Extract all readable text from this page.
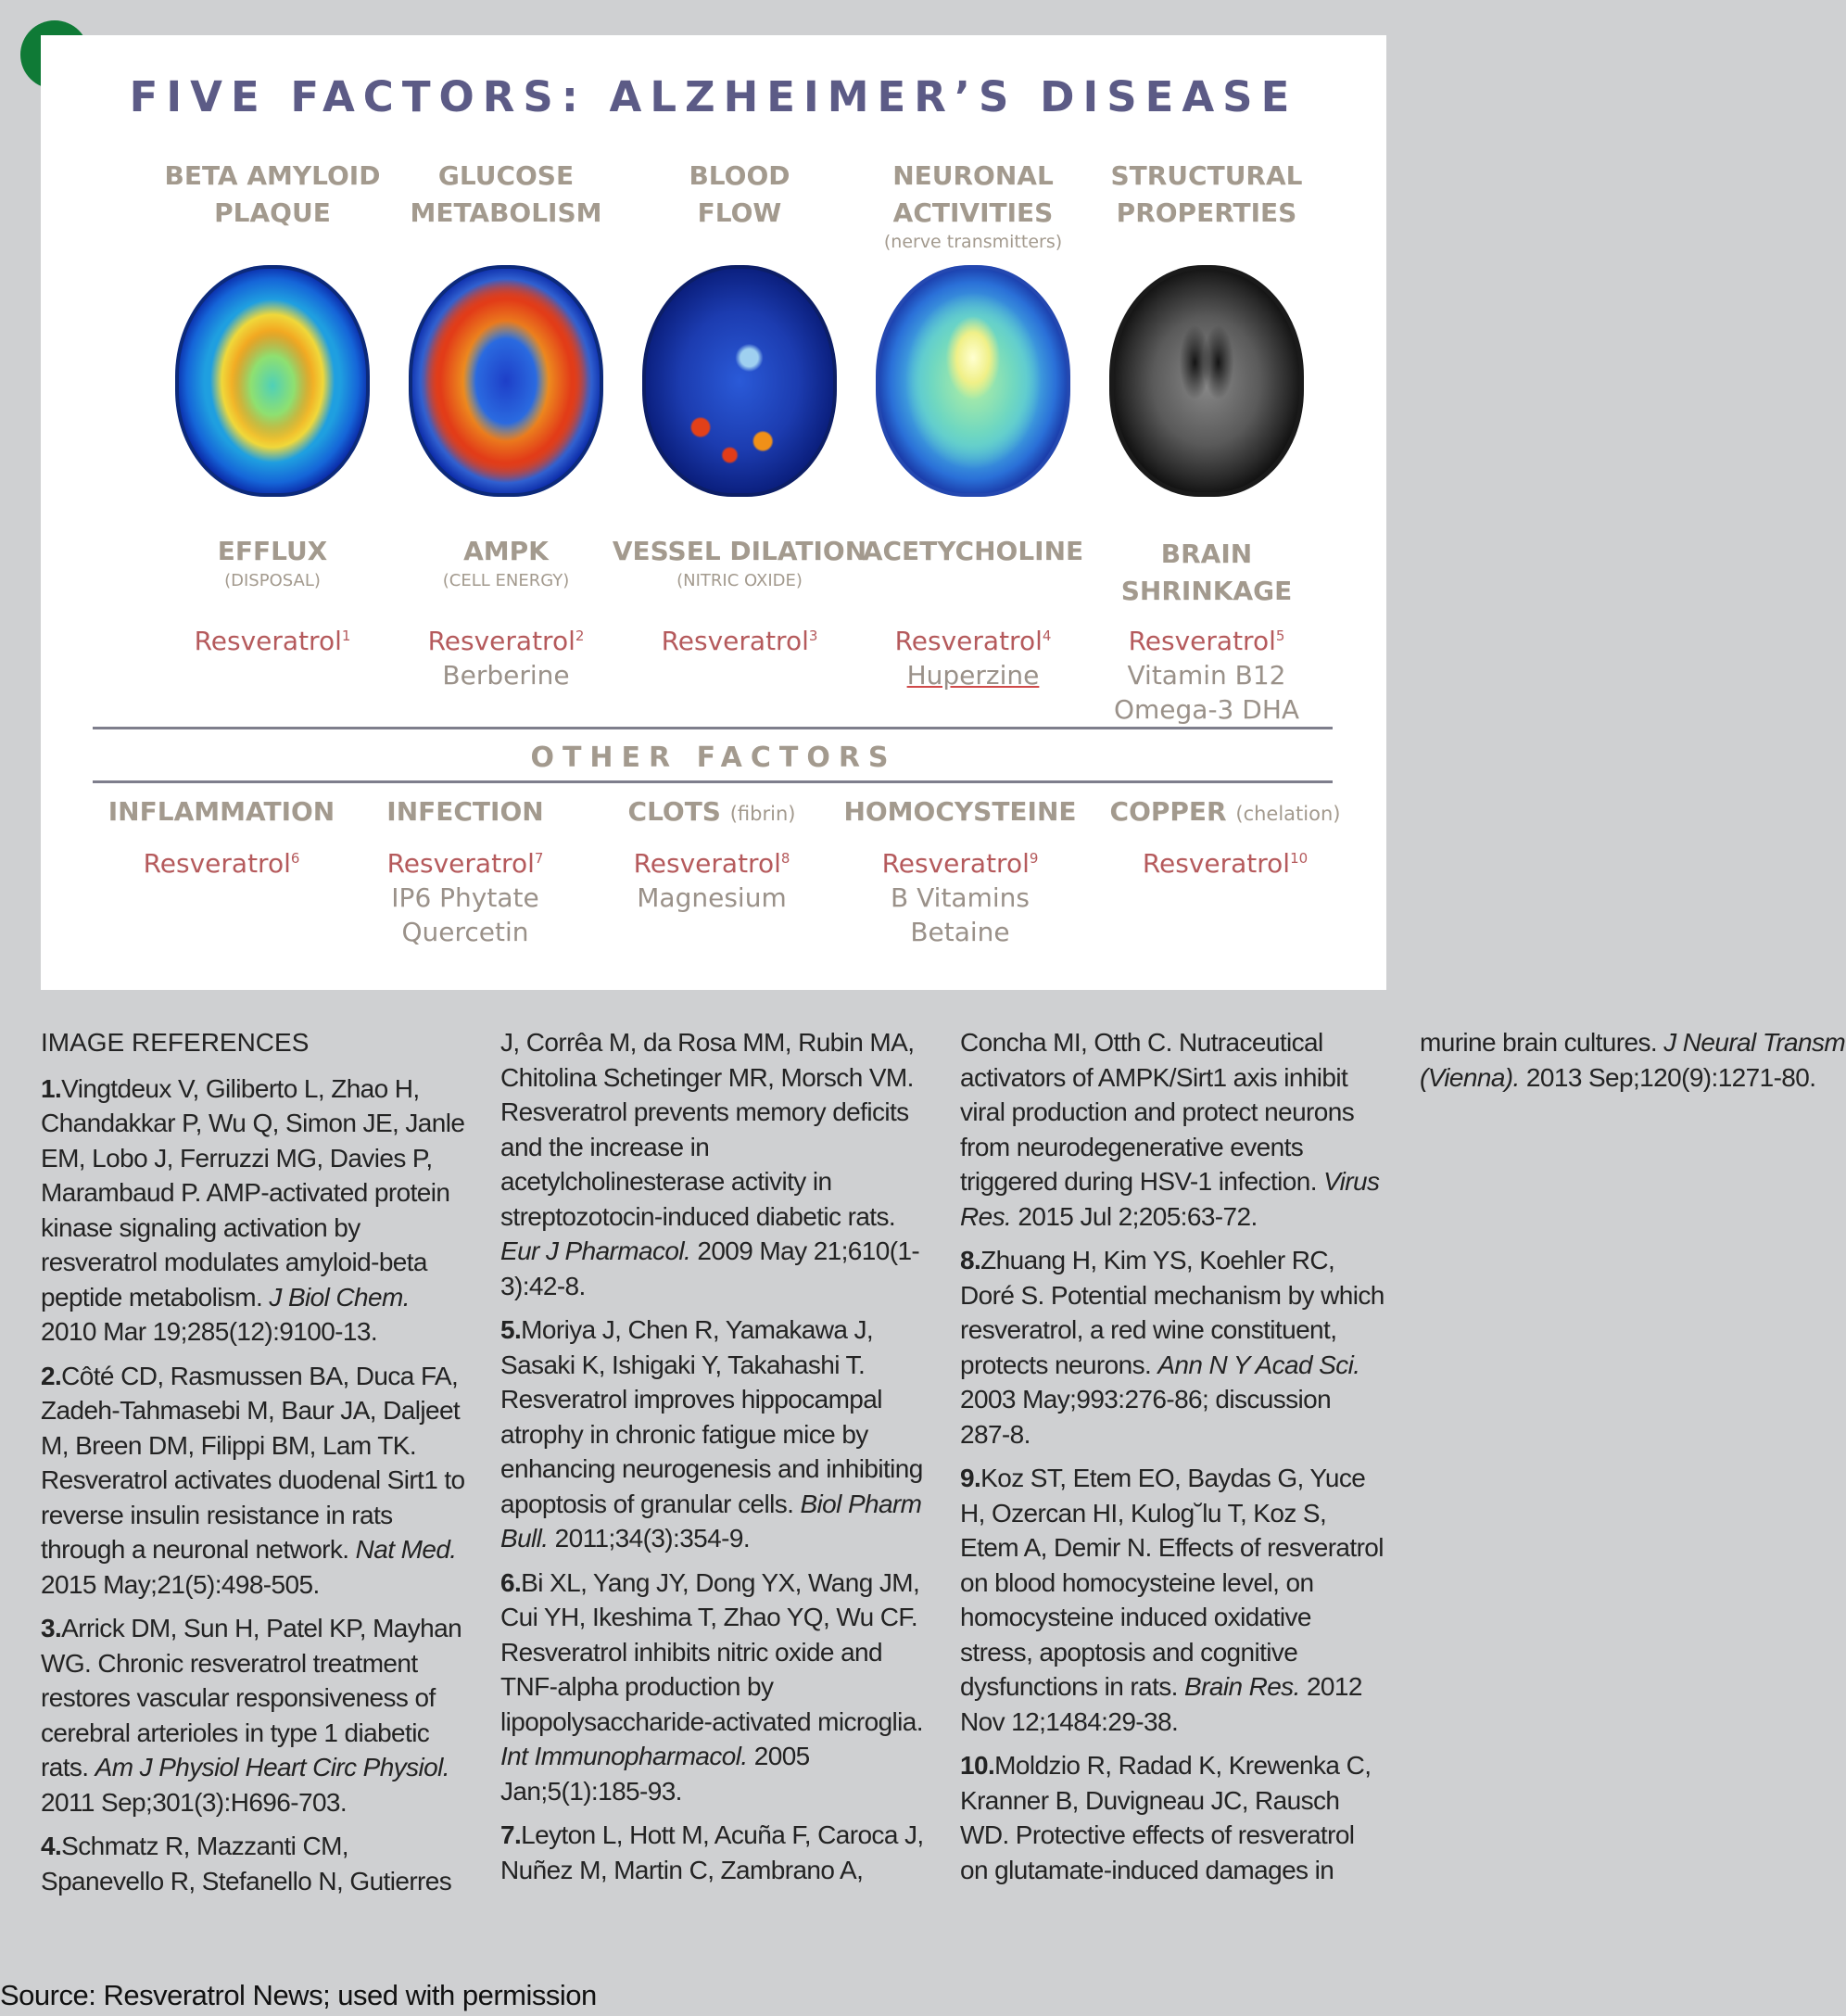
FIVE FACTORS: ALZHEIMER’S DISEASE
BETA AMYLOID
PLAQUE
EFFLUX
(DISPOSAL)
Resveratrol$^1$
GLUCOSE
METABOLISM
AMPK
(CELL ENERGY)
Resveratrol$^2$
Berberine
BLOOD
FLOW
VESSEL DILATION
(NITRIC OXIDE)
Resveratrol$^3$
NEURONAL
ACTIVITIES
(nerve transmitters)
ACETYCHOLINE
Resveratrol$^4$
Huperzine
STRUCTURAL
PROPERTIES
BRAIN
SHRINKAGE
Resveratrol$^5$
Vitamin B12
Omega-3 DHA
OTHER FACTORS
INFLAMMATION
Resveratrol$^6$
INFECTION
Resveratrol$^7$
IP6 Phytate
Quercetin
CLOTS (fibrin)
Resveratrol$^8$
Magnesium
HOMOCYSTEINE
Resveratrol$^9$
B Vitamins
Betaine
COPPER (chelation)
Resveratrol$^{10}$

IMAGE REFERENCES

1.Vingtdeux V, Giliberto L, Zhao H, Chandakkar P, Wu Q, Simon JE, Janle EM, Lobo J, Ferruzzi MG, Davies P, Marambaud P. AMP-activated protein kinase signaling activation by resveratrol modulates amyloid-beta peptide metabolism. J Biol Chem. 2010 Mar 19;285(12):9100-13.

2.Côté CD, Rasmussen BA, Duca FA, Zadeh-Tahmasebi M, Baur JA, Daljeet M, Breen DM, Filippi BM, Lam TK. Resveratrol activates duodenal Sirt1 to reverse insulin resistance in rats through a neuronal network. Nat Med. 2015 May;21(5):498-505.

3.Arrick DM, Sun H, Patel KP, Mayhan WG. Chronic resveratrol treatment restores vascular responsiveness of cerebral arterioles in type 1 diabetic rats. Am J Physiol Heart Circ Physiol. 2011 Sep;301(3):H696-703.

4.Schmatz R, Mazzanti CM, Spanevello R, Stefanello N, Gutierres J, Corrêa M, da Rosa MM, Rubin MA, Chitolina Schetinger MR, Morsch VM. Resveratrol prevents memory deficits and the increase in acetylcholinesterase activity in streptozotocin-induced diabetic rats. Eur J Pharmacol. 2009 May 21;610(1-3):42-8.

5.Moriya J, Chen R, Yamakawa J, Sasaki K, Ishigaki Y, Takahashi T. Resveratrol improves hippocampal atrophy in chronic fatigue mice by enhancing neurogenesis and inhibiting apoptosis of granular cells. Biol Pharm Bull. 2011;34(3):354-9.

6.Bi XL, Yang JY, Dong YX, Wang JM, Cui YH, Ikeshima T, Zhao YQ, Wu CF. Resveratrol inhibits nitric oxide and TNF-alpha production by lipopolysaccharide-activated microglia. Int Immunopharmacol. 2005 Jan;5(1):185-93.

7.Leyton L, Hott M, Acuña F, Caroca J, Nuñez M, Martin C, Zambrano A, Concha MI, Otth C. Nutraceutical activators of AMPK/Sirt1 axis inhibit viral production and protect neurons from neurodegenerative events triggered during HSV-1 infection. Virus Res. 2015 Jul 2;205:63-72.

8.Zhuang H, Kim YS, Koehler RC, Doré S. Potential mechanism by which resveratrol, a red wine constituent, protects neurons. Ann N Y Acad Sci. 2003 May;993:276-86; discussion 287-8.

9.Koz ST, Etem EO, Baydas G, Yuce H, Ozercan HI, Kulog˘lu T, Koz S, Etem A, Demir N. Effects of resveratrol on blood homocysteine level, on homocysteine induced oxidative stress, apoptosis and cognitive dysfunctions in rats. Brain Res. 2012 Nov 12;1484:29-38.

10.Moldzio R, Radad K, Krewenka C, Kranner B, Duvigneau JC, Rausch WD. Protective effects of resveratrol on glutamate-induced damages in murine brain cultures. J Neural Transm (Vienna). 2013 Sep;120(9):1271-80.

Source: Resveratrol News; used with permission
